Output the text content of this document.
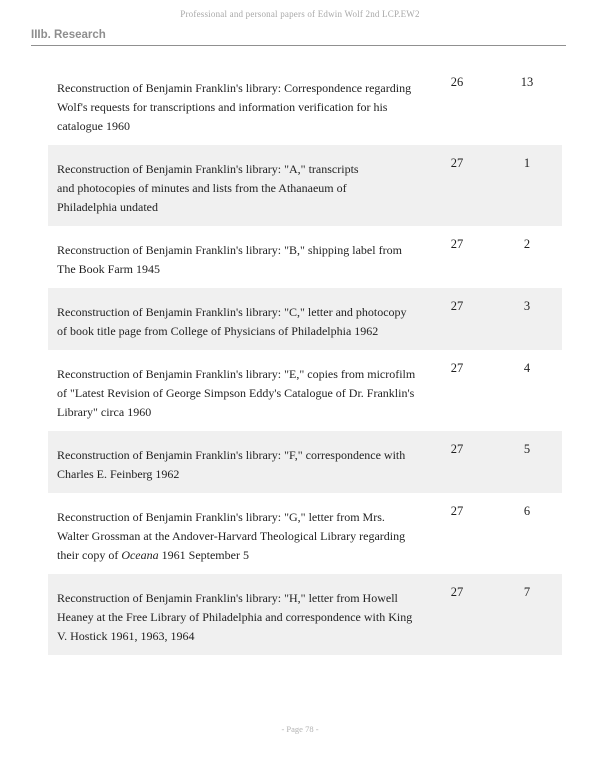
Professional and personal papers of Edwin Wolf 2nd LCP.EW2
IIIb. Research
Reconstruction of Benjamin Franklin's library: Correspondence regarding
Wolf's requests for transcriptions and information verification for his
catalogue 1960
26	13
Reconstruction of Benjamin Franklin's library: "A," transcripts
and photocopies of minutes and lists from the Athanaeum of
Philadelphia undated
27	1
Reconstruction of Benjamin Franklin's library: "B," shipping label from
The Book Farm 1945
27	2
Reconstruction of Benjamin Franklin's library: "C," letter and photocopy
of book title page from College of Physicians of Philadelphia 1962
27	3
Reconstruction of Benjamin Franklin's library: "E," copies from microfilm
of "Latest Revision of George Simpson Eddy's Catalogue of Dr. Franklin's
Library" circa 1960
27	4
Reconstruction of Benjamin Franklin's library: "F," correspondence with
Charles E. Feinberg 1962
27	5
Reconstruction of Benjamin Franklin's library: "G," letter from Mrs.
Walter Grossman at the Andover-Harvard Theological Library regarding
their copy of Oceana 1961 September 5
27	6
Reconstruction of Benjamin Franklin's library: "H," letter from Howell
Heaney at the Free Library of Philadelphia and correspondence with King
V. Hostick 1961, 1963, 1964
27	7
- Page 78 -
